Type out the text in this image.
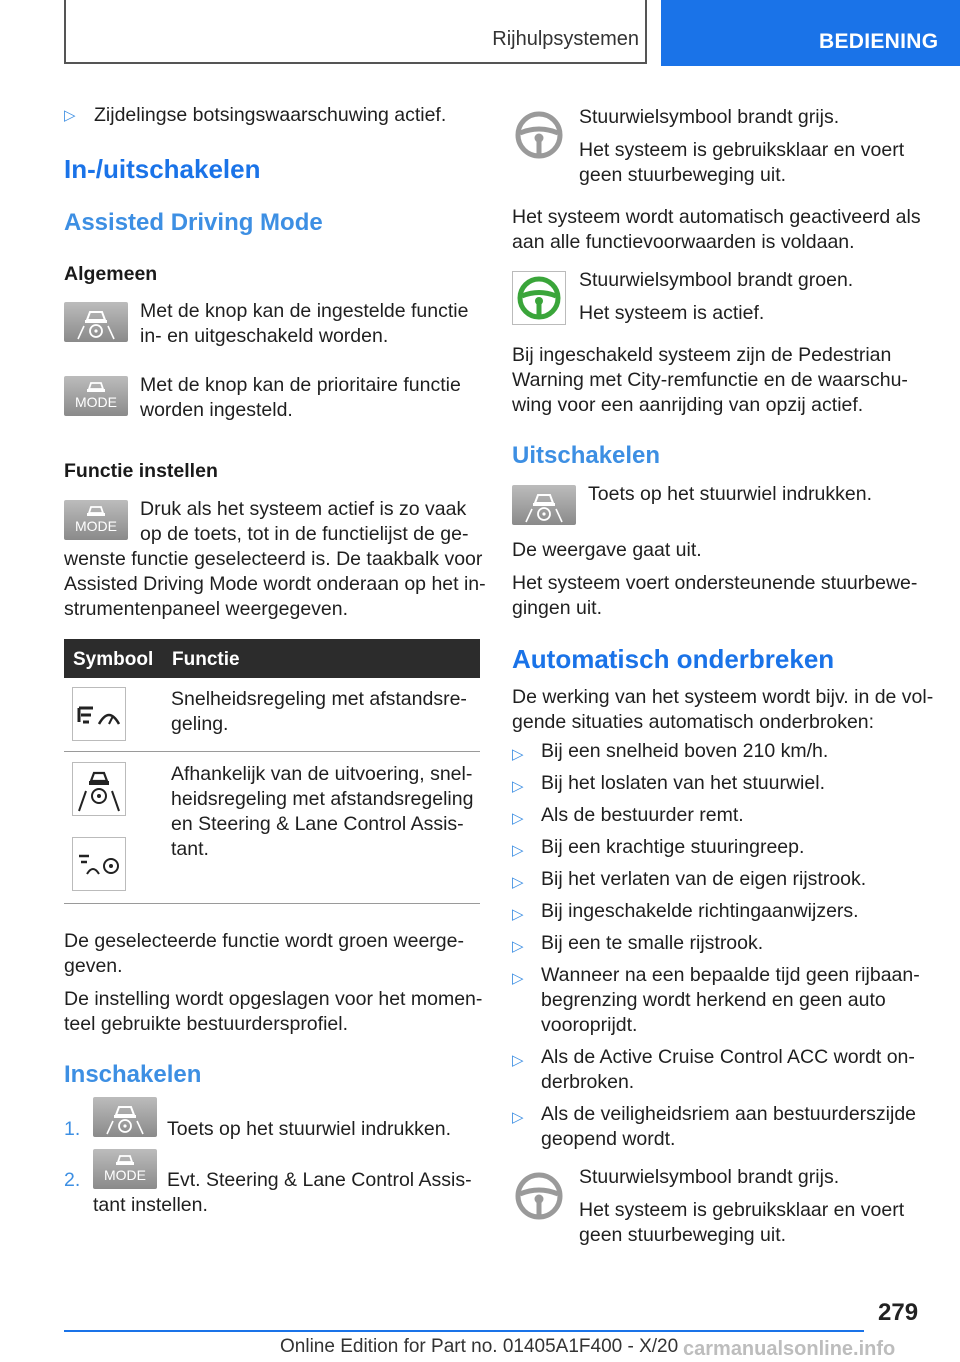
Rijhulpsystemen	BEDIENING
▷ Zijdelingse botsingswaarschuwing actief.
In-/uitschakelen
Assisted Driving Mode
Algemeen
Met de knop kan de ingestelde functie
in- en uitgeschakeld worden.
MODE
Met de knop kan de prioritaire functie
worden ingesteld.
Functie instellen
MODE
Druk als het systeem actief is zo vaak
op de toets, tot in de functielijst de ge-
wenste functie geselecteerd is. De taakbalk voor
Assisted Driving Mode wordt onderaan op het in-
strumentenpaneel weergegeven.
Symbool Functie
Snelheidsregeling met afstandsre-
geling.
Afhankelijk van de uitvoering, snel-
heidsregeling met afstandsregeling
en Steering & Lane Control Assis-
tant.
De geselecteerde functie wordt groen weerge-
geven.
De instelling wordt opgeslagen voor het momen-
teel gebruikte bestuurdersprofiel.
Inschakelen
1.	Toets op het stuurwiel indrukken.
2.	MODE	Evt. Steering & Lane Control Assis-
tant instellen.
Stuurwielsymbool brandt grijs.
Het systeem is gebruiksklaar en voert
geen stuurbeweging uit.
Het systeem wordt automatisch geactiveerd als
aan alle functievoorwaarden is voldaan.
Stuurwielsymbool brandt groen.
Het systeem is actief.
Bij ingeschakeld systeem zijn de Pedestrian
Warning met City-remfunctie en de waarschu-
wing voor een aanrijding van opzij actief.
Uitschakelen
Toets op het stuurwiel indrukken.
De weergave gaat uit.
Het systeem voert ondersteunende stuurbewe-
gingen uit.
Automatisch onderbreken
De werking van het systeem wordt bijv. in de vol-
gende situaties automatisch onderbroken:
▷ Bij een snelheid boven 210 km/h.
▷ Bij het loslaten van het stuurwiel.
▷ Als de bestuurder remt.
▷ Bij een krachtige stuuringreep.
▷ Bij het verlaten van de eigen rijstrook.
▷ Bij ingeschakelde richtingaanwijzers.
▷ Bij een te smalle rijstrook.
▷ Wanneer na een bepaalde tijd geen rijbaan-
begrenzing wordt herkend en geen auto
vooroprijdt.
▷ Als de Active Cruise Control ACC wordt on-
derbroken.
▷ Als de veiligheidsriem aan bestuurderszijde
geopend wordt.
Stuurwielsymbool brandt grijs.
Het systeem is gebruiksklaar en voert
geen stuurbeweging uit.
279
Online Edition for Part no. 01405A1F400 - X/20 carmanualsonline.info
